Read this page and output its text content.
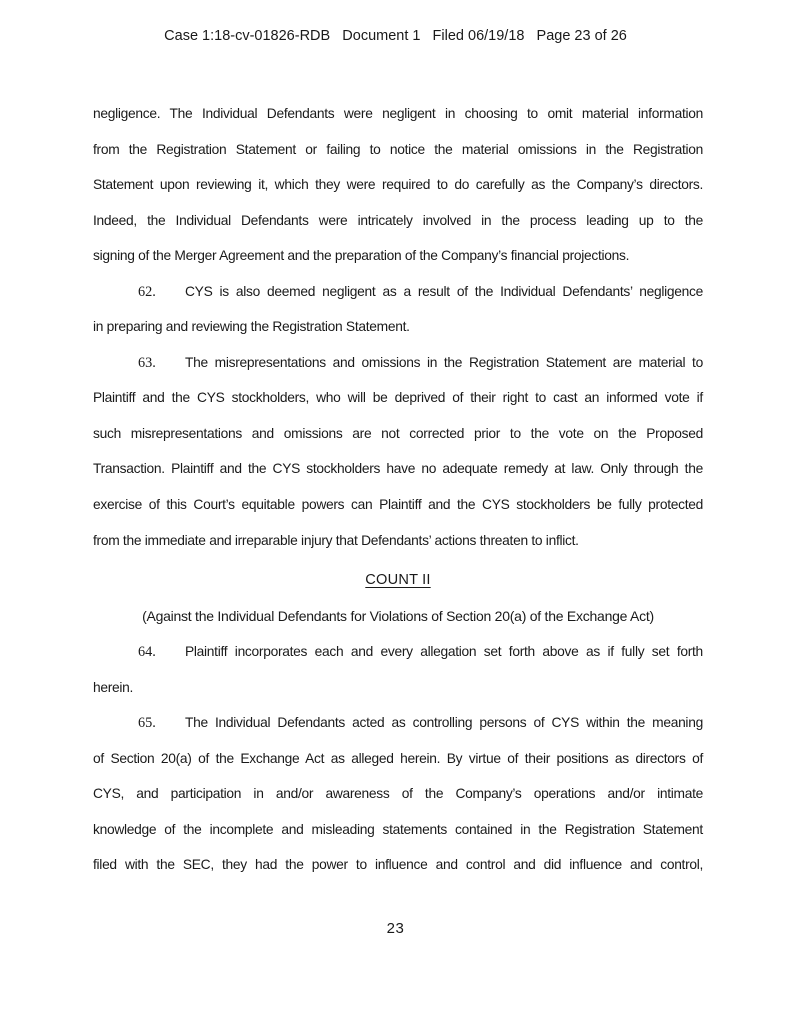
Case 1:18-cv-01826-RDB   Document 1   Filed 06/19/18   Page 23 of 26
negligence. The Individual Defendants were negligent in choosing to omit material information
from the Registration Statement or failing to notice the material omissions in the Registration
Statement upon reviewing it, which they were required to do carefully as the Company’s directors.
Indeed, the Individual Defendants were intricately involved in the process leading up to the
signing of the Merger Agreement and the preparation of the Company’s financial projections.
62. CYS is also deemed negligent as a result of the Individual Defendants’ negligence
in preparing and reviewing the Registration Statement.
63. The misrepresentations and omissions in the Registration Statement are material to
Plaintiff and the CYS stockholders, who will be deprived of their right to cast an informed vote if
such misrepresentations and omissions are not corrected prior to the vote on the Proposed
Transaction. Plaintiff and the CYS stockholders have no adequate remedy at law. Only through the
exercise of this Court’s equitable powers can Plaintiff and the CYS stockholders be fully protected
from the immediate and irreparable injury that Defendants’ actions threaten to inflict.
COUNT II
(Against the Individual Defendants for Violations of Section 20(a) of the Exchange Act)
64. Plaintiff incorporates each and every allegation set forth above as if fully set forth
herein.
65. The Individual Defendants acted as controlling persons of CYS within the meaning
of Section 20(a) of the Exchange Act as alleged herein. By virtue of their positions as directors of
CYS, and participation in and/or awareness of the Company’s operations and/or intimate
knowledge of the incomplete and misleading statements contained in the Registration Statement
filed with the SEC, they had the power to influence and control and did influence and control,
23
